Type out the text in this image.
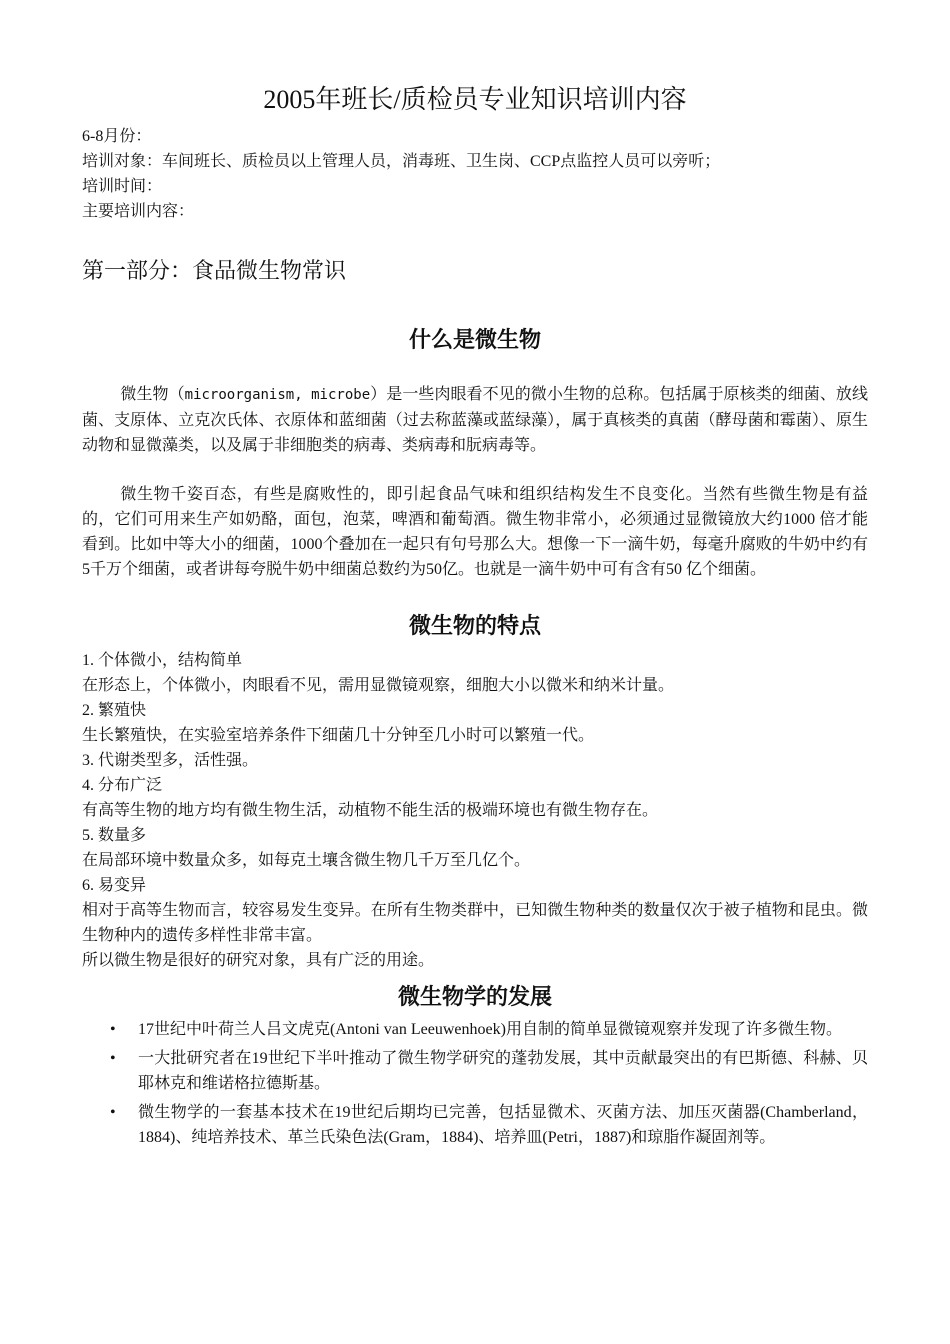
2005年班长/质检员专业知识培训内容

6-8月份：

培训对象：车间班长、质检员以上管理人员，消毒班、卫生岗、CCP点监控人员可以旁听；

培训时间：

主要培训内容：

第一部分：食品微生物常识
什么是微生物

微生物（microorganism, microbe）是一些肉眼看不见的微小生物的总称。包括属于原核类的细菌、放线菌、支原体、立克次氏体、衣原体和蓝细菌（过去称蓝藻或蓝绿藻），属于真核类的真菌（酵母菌和霉菌）、原生动物和显微藻类，以及属于非细胞类的病毒、类病毒和朊病毒等。

微生物千姿百态，有些是腐败性的，即引起食品气味和组织结构发生不良变化。当然有些微生物是有益的，它们可用来生产如奶酪，面包，泡菜，啤酒和葡萄酒。微生物非常小，必须通过显微镜放大约1000 倍才能看到。比如中等大小的细菌，1000个叠加在一起只有句号那么大。想像一下一滴牛奶，每毫升腐败的牛奶中约有5千万个细菌，或者讲每夸脱牛奶中细菌总数约为50亿。也就是一滴牛奶中可有含有50 亿个细菌。

微生物的特点
1. 个体微小，结构简单
在形态上，个体微小，肉眼看不见，需用显微镜观察，细胞大小以微米和纳米计量。
2. 繁殖快
生长繁殖快，在实验室培养条件下细菌几十分钟至几小时可以繁殖一代。
3. 代谢类型多，活性强。
4. 分布广泛
有高等生物的地方均有微生物生活，动植物不能生活的极端环境也有微生物存在。
5. 数量多
在局部环境中数量众多，如每克土壤含微生物几千万至几亿个。
6. 易变异
相对于高等生物而言，较容易发生变异。在所有生物类群中，已知微生物种类的数量仅次于被子植物和昆虫。微生物种内的遗传多样性非常丰富。

所以微生物是很好的研究对象，具有广泛的用途。

微生物学的发展
• 17世纪中叶荷兰人吕文虎克(Antoni van Leeuwenhoek)用自制的简单显微镜观察并发现了许多微生物。
• 一大批研究者在19世纪下半叶推动了微生物学研究的蓬勃发展，其中贡献最突出的有巴斯德、科赫、贝耶林克和维诺格拉德斯基。
• 微生物学的一套基本技术在19世纪后期均已完善，包括显微术、灭菌方法、加压灭菌器(Chamberland，1884)、纯培养技术、革兰氏染色法(Gram，1884)、培养皿(Petri，1887)和琼脂作凝固剂等。
